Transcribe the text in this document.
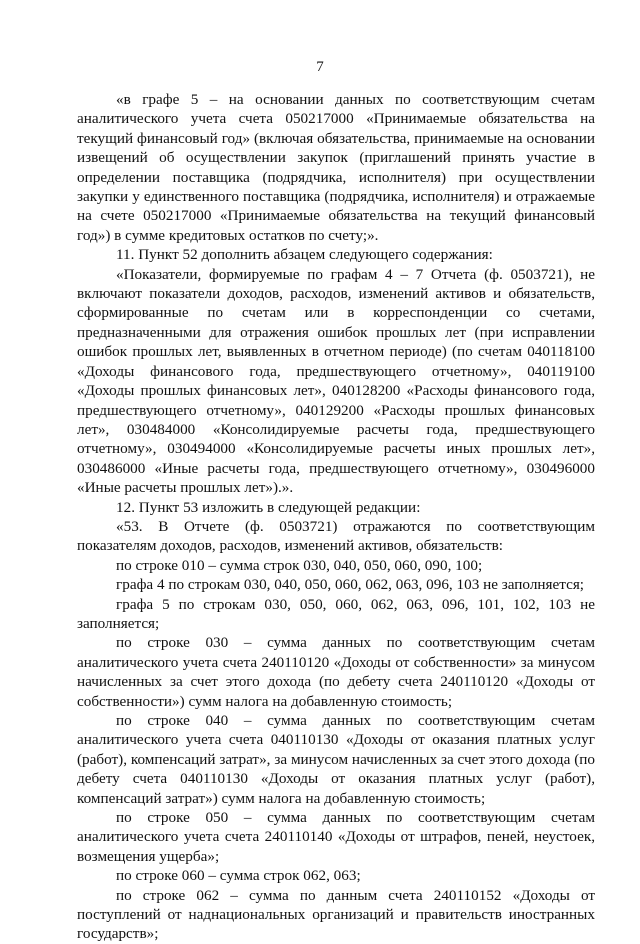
7

«в графе 5 – на основании данных по соответствующим счетам аналитического учета счета 050217000 «Принимаемые обязательства на текущий финансовый год» (включая обязательства, принимаемые на основании извещений об осуществлении закупок (приглашений принять участие в определении поставщика (подрядчика, исполнителя) при осуществлении закупки у единственного поставщика (подрядчика, исполнителя) и отражаемые на счете 050217000 «Принимаемые обязательства на текущий финансовый год») в сумме кредитовых остатков по счету;».

11. Пункт 52 дополнить абзацем следующего содержания:

«Показатели, формируемые по графам 4 – 7 Отчета (ф. 0503721), не включают показатели доходов, расходов, изменений активов и обязательств, сформированные по счетам или в корреспонденции со счетами, предназначенными для отражения ошибок прошлых лет (при исправлении ошибок прошлых лет, выявленных в отчетном периоде) (по счетам 040118100 «Доходы финансового года, предшествующего отчетному», 040119100 «Доходы прошлых финансовых лет», 040128200 «Расходы финансового года, предшествующего отчетному», 040129200 «Расходы прошлых финансовых лет», 030484000 «Консолидируемые расчеты года, предшествующего отчетному», 030494000 «Консолидируемые расчеты иных прошлых лет», 030486000 «Иные расчеты года, предшествующего отчетному», 030496000 «Иные расчеты прошлых лет»).».

12. Пункт 53 изложить в следующей редакции:

«53. В Отчете (ф. 0503721) отражаются по соответствующим показателям доходов, расходов, изменений активов, обязательств:

по строке 010 – сумма строк 030, 040, 050, 060, 090, 100;

графа 4 по строкам 030, 040, 050, 060, 062, 063, 096, 103 не заполняется;

графа 5 по строкам 030, 050, 060, 062, 063, 096, 101, 102, 103 не заполняется;

по строке 030 – сумма данных по соответствующим счетам аналитического учета счета 240110120 «Доходы от собственности» за минусом начисленных за счет этого дохода (по дебету счета 240110120 «Доходы от собственности») сумм налога на добавленную стоимость;

по строке 040 – сумма данных по соответствующим счетам аналитического учета счета 040110130 «Доходы от оказания платных услуг (работ), компенсаций затрат», за минусом начисленных за счет этого дохода (по дебету счета 040110130 «Доходы от оказания платных услуг (работ), компенсаций затрат») сумм налога на добавленную стоимость;

по строке 050 – сумма данных по соответствующим счетам аналитического учета счета 240110140 «Доходы от штрафов, пеней, неустоек, возмещения ущерба»;

по строке 060 – сумма строк 062, 063;

по строке 062 – сумма по данным счета 240110152 «Доходы от поступлений от наднациональных организаций и правительств иностранных государств»;
